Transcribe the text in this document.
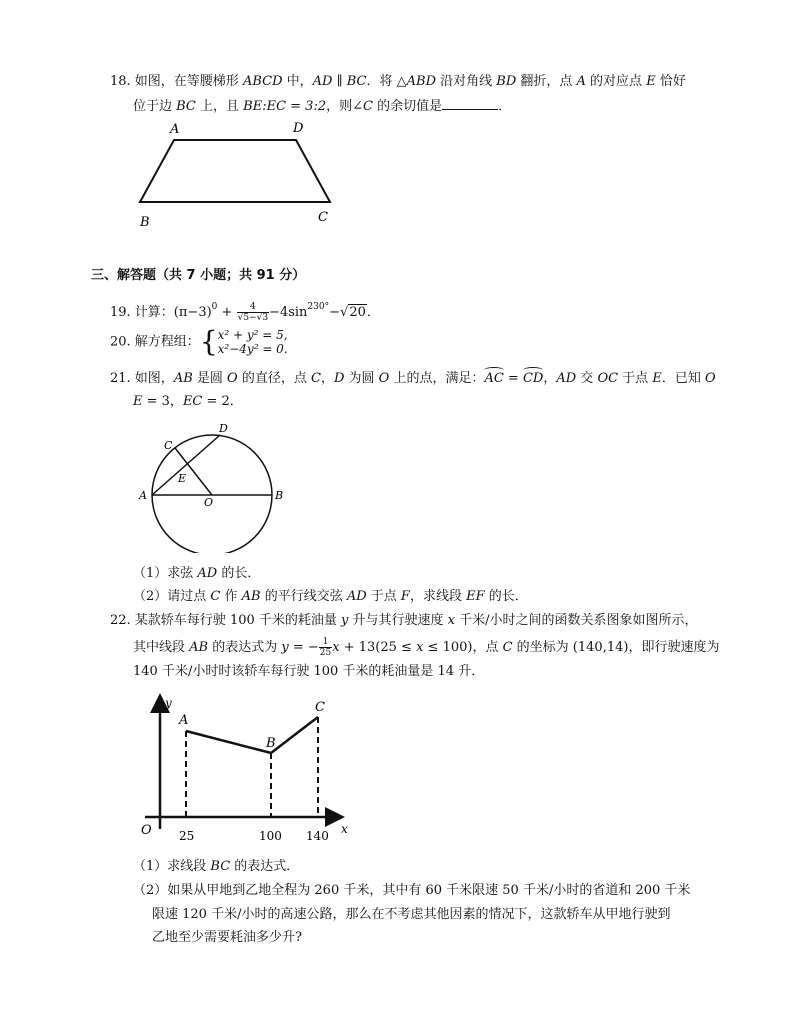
18. 如图，在等腰梯形 ABCD 中，AD ∥ BC．将 △ABD 沿对角线 BD 翻折，点 A 的对应点 E 恰好
位于边 BC 上，且 BE:EC = 3:2，则∠C 的余切值是	．
A	D
B	C
三、解答题（共 7 小题；共 91 分）
19. 计算：$(\pi-3)^0 + \frac{4}{√5-√3} -4\sin^{230^\circ}-√20$．
20. 解方程组：{ x² + y² = 5,
x²−4y² = 0.
21. 如图，AB 是圆 O 的直径，点 C，D 为圆 O 上的点，满足：AC = CD，AD 交 OC 于点 E．已知 O
E = 3，EC = 2．
A	B
C
D
E
O
（1）求弦 AD 的长．
（2）请过点 C 作 AB 的平行线交弦 AD 于点 F，求线段 EF 的长．
22. 某款轿车每行驶 100 千米的耗油量 y 升与其行驶速度 x 千米/小时之间的函数关系图象如图所示，
其中线段 AB 的表达式为 y = − $\frac{1}{25}$ x + 13(25 ≤ x ≤ 100)，点 C 的坐标为 (140,14)，即行驶速度为
140 千米/小时时该轿车每行驶 100 千米的耗油量是 14 升．
y
x
O 25	100 140
A
B
C
（1）求线段 BC 的表达式．
（2）如果从甲地到乙地全程为 260 千米，其中有 60 千米限速 50 千米/小时的省道和 200 千米
限速 120 千米/小时的高速公路，那么在不考虑其他因素的情况下，这款轿车从甲地行驶到
乙地至少需要耗油多少升?
